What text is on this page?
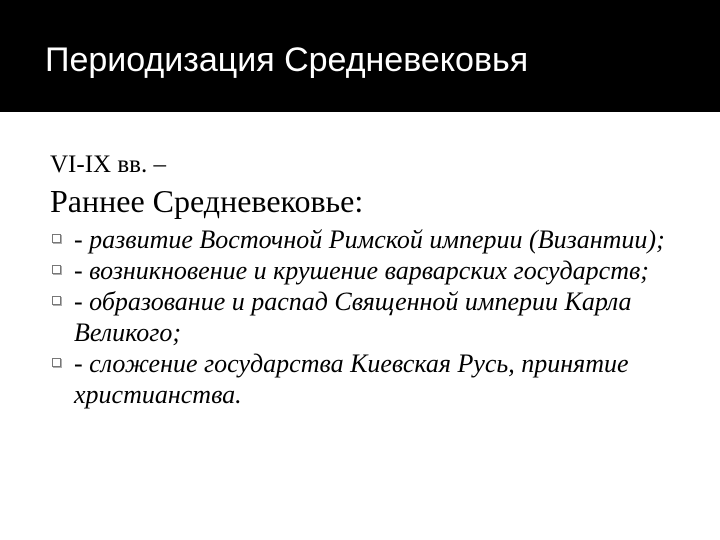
Периодизация Средневековья

VI-IX вв. –

Раннее Средневековье:
- развитие Восточной Римской империи (Византии);
- возникновение и крушение варварских государств;
- образование и распад Священной империи Карла Великого;
- сложение государства Киевская Русь, принятие христианства.
